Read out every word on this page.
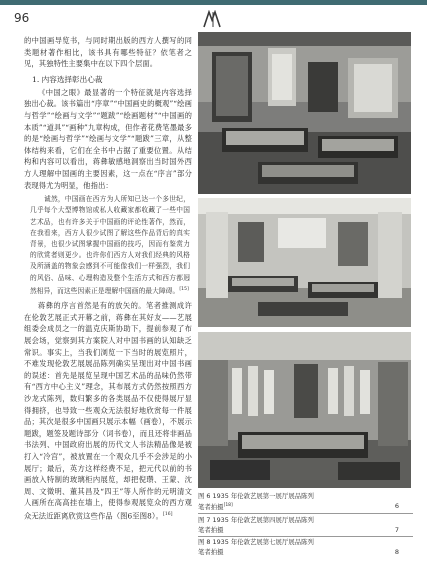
96

的中国画导览书，与同时期出版的西方人撰写的同类题材著作相比，该书具有哪些特征？依笔者之见，其独特性主要集中在以下四个层面。

1. 内容选择彰出心裁

《中国之眼》最显著的一个特征就是内容选择独出心裁。该书篇出“序章”“中国画史的概观”“绘画与哲学”“绘画与文学”“题跋”“绘画题材”“中国画的本质”“道具”“画种”九章构成，但作者花费笔墨最多的是“绘画与哲学”“绘画与文学”“题跋”三章，从整体结构来看，它们在全书中占据了重要位置。从结构和内容可以看出，蒋彝敏感地洞察出当时国外西方人理解中国画的主要因素，这一点在“序言”部分表现得尤为明显，他指出：

诚然，中国画在西方为人所知已达一个多世纪，几乎每个大型博物馆或私人收藏家都收藏了一些中国艺术品，也有许多关于中国画的评论性著作，然而，在我看来，西方人很少试图了解这些作品背后的真实背景，也很少试图掌握中国画的技巧，因而有鉴赏力的欣赏者则更少。也许你们西方人对我们经典的风格及所涵盖的物象会感到不可能像我们一样强烈，我们的风俗、品味、心理构造及整个生活方式和西方都迥然相异，而这些因素正是理解中国画的最大障碍。[15]

蒋彝的序言首然是有的放矢的。笔者推测成许在伦敦艺展正式开幕之前，蒋彝在其好友——艺展组委会成员之一的温克庆斯协助下，提前参观了布展会场，觉察到其方案院人对中国书画的认知缺乏常识。事实上，当我们浏览一下当时的展览照片，不难发现伦敦艺展展品陈列确实呈现出对中国书画的误述：首先是展览呈现中国艺术品的品味仍然带有“西方中心主义”理念，其布展方式仍然按照西方沙龙式陈列，数归繁多的各类展品不仅使得展厅显得拥挤，也导致一些观众无法很好地欣赏每一件展品；其次是很多中国画只展示本幅（画卷），不展示题跋，题签及题诗部分（词书卷），而且还将非画品书法列、中国政府出展的历代文人书法精品像是被打入“冷宫”，被放置在一个观众几乎不会涉足的小展厅；最后，英方这样经费不足，把元代以前的书画放入特制的玻璃柜内展览，却把倪瓒、王蒙、沈周、文徵明、董其昌及“四王”等人所作的元明清文人画所在高高挂在墙上，使得参观展览众的西方观众无法近距离欣赏这些作品（图6至图8）。[16]

图 6 1935 年伦敦艺展第一展厅展品陈列
笔者拍摄[18]	6
图 7 1935 年伦敦艺展第四展厅展品陈列
笔者拍摄	7
图 8 1935 年伦敦艺展第七展厅展品陈列
笔者拍摄	8
